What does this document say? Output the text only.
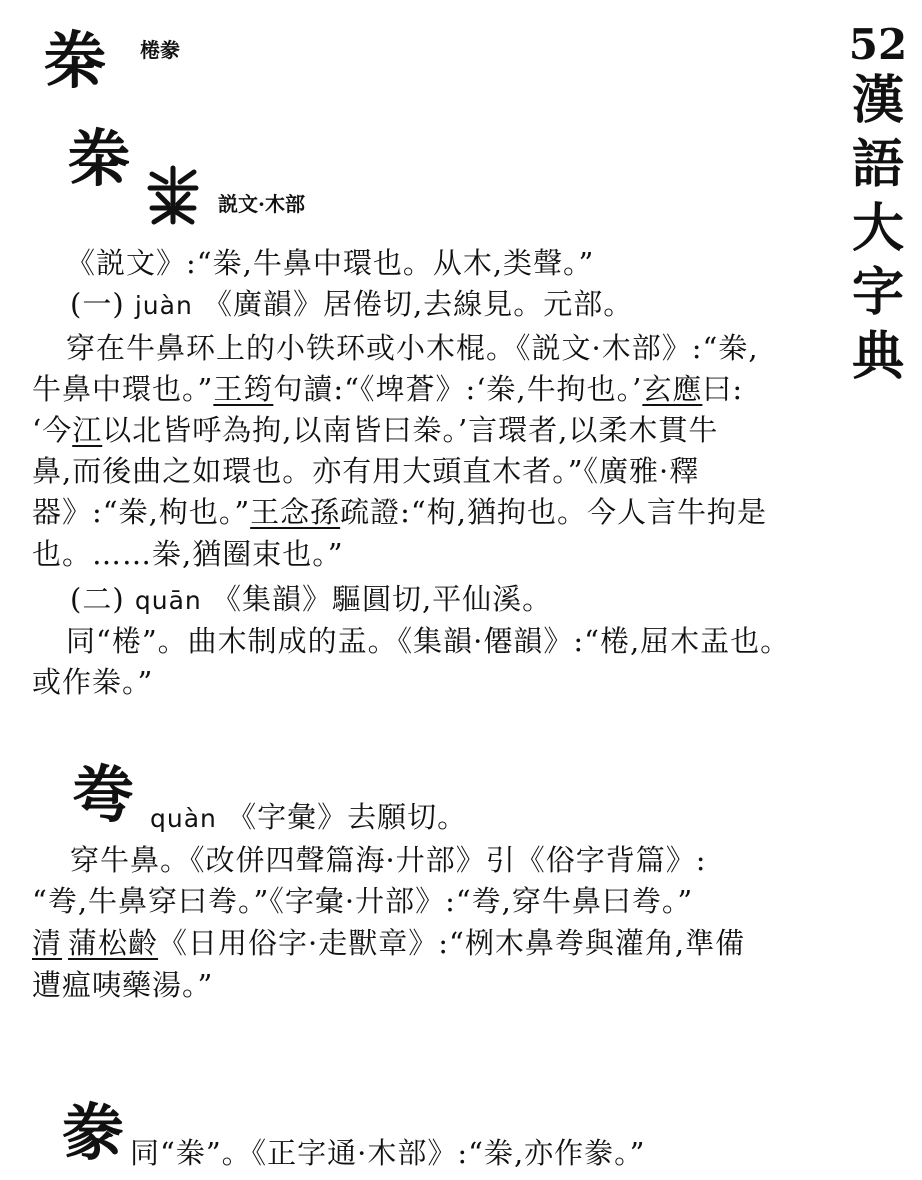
52
漢
語
大
字
典
桊 棬豢
桊
説文·木部
《説文》:“桊,牛鼻中環也。从木,类聲。”
(一) juàn 《廣韻》居倦切,去線見。元部。
穿在牛鼻环上的小铁环或小木棍。《説文·木部》:“桊,
牛鼻中環也。”王筠句讀:“《埤蒼》:‘桊,牛拘也。’玄應曰:
‘今江以北皆呼為拘,以南皆曰桊。’言環者,以柔木貫牛
鼻,而後曲之如環也。亦有用大頭直木者。”《廣雅·釋
器》:“桊,枸也。”王念孫疏證:“枸,猶拘也。今人言牛拘是
也。……桊,猶圈束也。”
(二) quān 《集韻》驅圓切,平仙溪。
同“棬”。曲木制成的盂。《集韻·僊韻》:“棬,屈木盂也。
或作桊。”
弮 quàn 《字彙》去願切。
穿牛鼻。《改併四聲篇海·廾部》引《俗字背篇》:
“弮,牛鼻穿曰弮。”《字彙·廾部》:“弮,穿牛鼻曰弮。”
清 蒲松齡《日用俗字·走獸章》:“栵木鼻弮與灌角,準備
遭瘟咦藥湯。”
豢 同“桊”。《正字通·木部》:“桊,亦作豢。”
